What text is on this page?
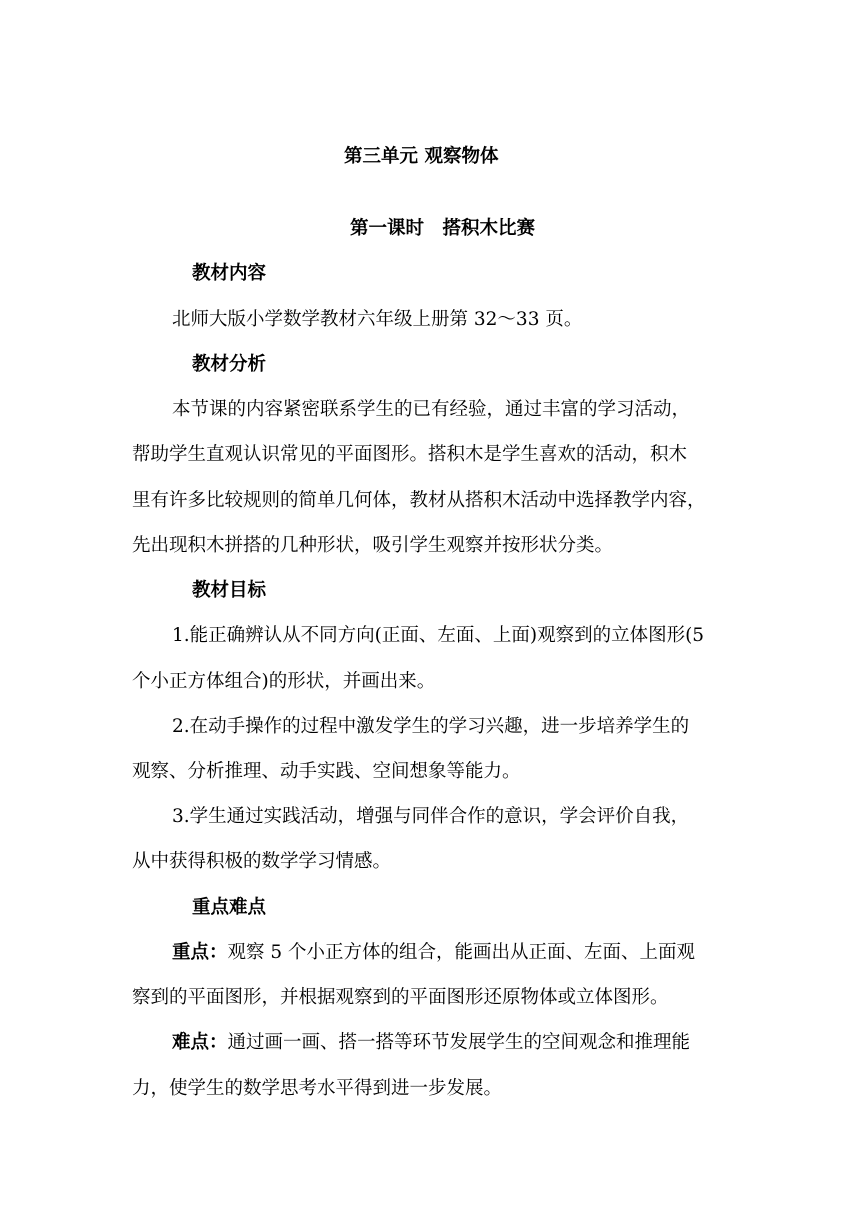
第三单元 观察物体
第一课时　搭积木比赛
教材内容
北师大版小学数学教材六年级上册第 32～33 页。
教材分析
本节课的内容紧密联系学生的已有经验，通过丰富的学习活动，
帮助学生直观认识常见的平面图形。搭积木是学生喜欢的活动，积木
里有许多比较规则的简单几何体，教材从搭积木活动中选择教学内容，
先出现积木拼搭的几种形状，吸引学生观察并按形状分类。
教材目标
1.能正确辨认从不同方向(正面、左面、上面)观察到的立体图形(5
个小正方体组合)的形状，并画出来。
2.在动手操作的过程中激发学生的学习兴趣，进一步培养学生的
观察、分析推理、动手实践、空间想象等能力。
3.学生通过实践活动，增强与同伴合作的意识，学会评价自我，
从中获得积极的数学学习情感。
重点难点
重点：观察 5 个小正方体的组合，能画出从正面、左面、上面观
察到的平面图形，并根据观察到的平面图形还原物体或立体图形。
难点：通过画一画、搭一搭等环节发展学生的空间观念和推理能
力，使学生的数学思考水平得到进一步发展。
